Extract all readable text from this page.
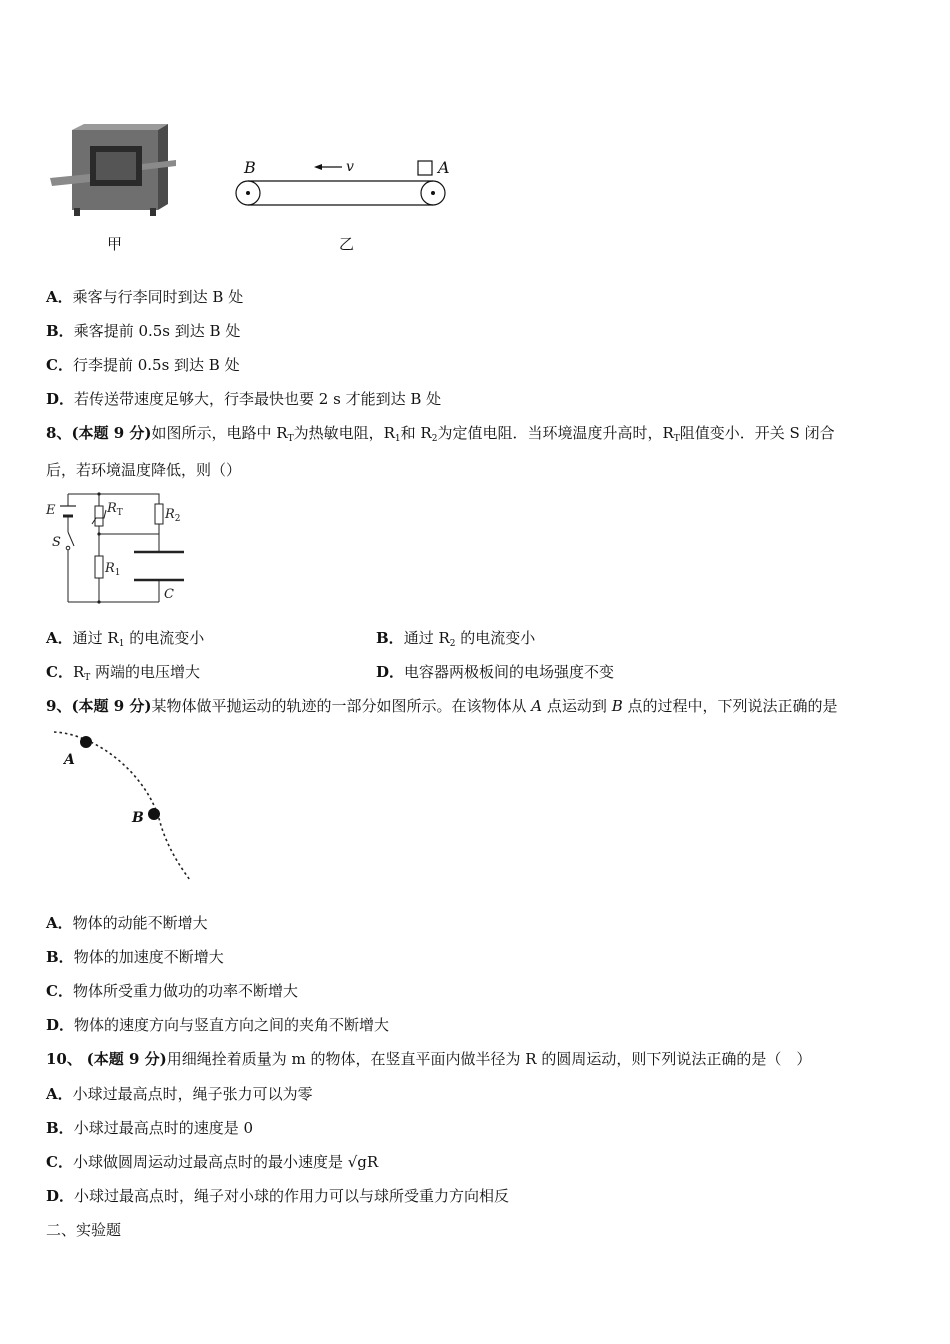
B	v	A
甲	乙
A．乘客与行李同时到达 B 处
B．乘客提前 0.5s 到达 B 处
C．行李提前 0.5s 到达 B 处
D．若传送带速度足够大，行李最快也要 2 s 才能到达 B 处
8、(本题 9 分)如图所示，电路中 $R_T$为热敏电阻，$R_1$和 $R_2$为定值电阻．当环境温度升高时，$R_T$阻值变小．开关 S 闭合
后，若环境温度降低，则（）
E
S
$R_T$
$R_1$
$R_2$
C
A．通过 $R_1$ 的电流变小	B．通过 $R_2$ 的电流变小
C．$R_T$ 两端的电压增大	D．电容器两极板间的电场强度不变
9、(本题 9 分)某物体做平抛运动的轨迹的一部分如图所示。在该物体从 A 点运动到 B 点的过程中，下列说法正确的是
A
B
A．物体的动能不断增大
B．物体的加速度不断增大
C．物体所受重力做功的功率不断增大
D．物体的速度方向与竖直方向之间的夹角不断增大
10、 (本题 9 分)用细绳拴着质量为 m 的物体，在竖直平面内做半径为 R 的圆周运动，则下列说法正确的是（　）
A．小球过最高点时，绳子张力可以为零
B．小球过最高点时的速度是 0
C．小球做圆周运动过最高点时的最小速度是 √gR
D．小球过最高点时，绳子对小球的作用力可以与球所受重力方向相反
二、实验题
